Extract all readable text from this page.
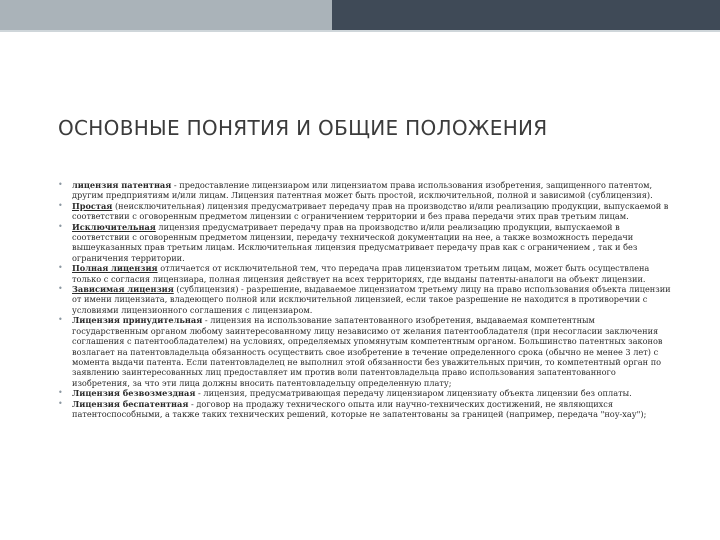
ОСНОВНЫЕ ПОНЯТИЯ И ОБЩИЕ ПОЛОЖЕНИЯ
• лицензия патентная - предоставление лицензиаром или лицензиатом права использования изобретения, защищенного патентом, другим предприятиям и/или лицам. Лицензия патентная может быть простой, исключительной, полной и зависимой (сублицензия).
• Простая (неисключительная) лицензия предусматривает передачу прав на производство и/или реализацию продукции, выпускаемой в соответствии с оговоренным предметом лицензии с ограничением территории и без права передачи этих прав третьим лицам.
• Исключительная лицензия предусматривает передачу прав на производство и/или реализацию продукции, выпускаемой в соответствии с оговоренным предметом лицензии, передачу технической документации на нее, а также возможность передачи вышеуказанных прав третьим лицам. Исключительная лицензия предусматривает передачу прав как с ограничением , так и без ограничения территории.
• Полная лицензия отличается от исключительной тем, что передача прав лицензиатом третьим лицам, может быть осуществлена только с согласия лицензиара, полная лицензия действует на всех территориях, где выданы патенты-аналоги на объект лицензии.
• Зависимая лицензия (сублицензия) - разрешение, выдаваемое лицензиатом третьему лицу на право использования объекта лицензии от имени лицензиата, владеющего полной или исключительной лицензией, если такое разрешение не находится в противоречии с условиями лицензионного соглашения с лицензиаром.
• Лицензия принудительная - лицензия на использование запатентованного изобретения, выдаваемая компетентным государственным органом любому заинтересованному лицу независимо от желания патентообладателя (при несогласии заключения соглашения с патентообладателем) на условиях, определяемых упомянутым компетентным органом. Большинство патентных законов возлагает на патентовладельца обязанность осуществить свое изобретение в течение определенного срока (обычно не менее 3 лет) с момента выдачи патента. Если патентовладелец не выполнил этой обязанности без уважительных причин, то компетентный орган по заявлению заинтересованных лиц предоставляет им против воли патентовладельца право использования запатентованного изобретения, за что эти лица должны вносить патентовладельцу определенную плату;
• Лицензия безвозмездная - лицензия, предусматривающая передачу лицензиаром лицензиату объекта лицензии без оплаты.
• Лицензия беспатентная - договор на продажу технического опыта или научно-технических достижений, не являющихся патентоспособными, а также таких технических решений, которые не запатентованы за границей (например, передача "ноу-хау");
